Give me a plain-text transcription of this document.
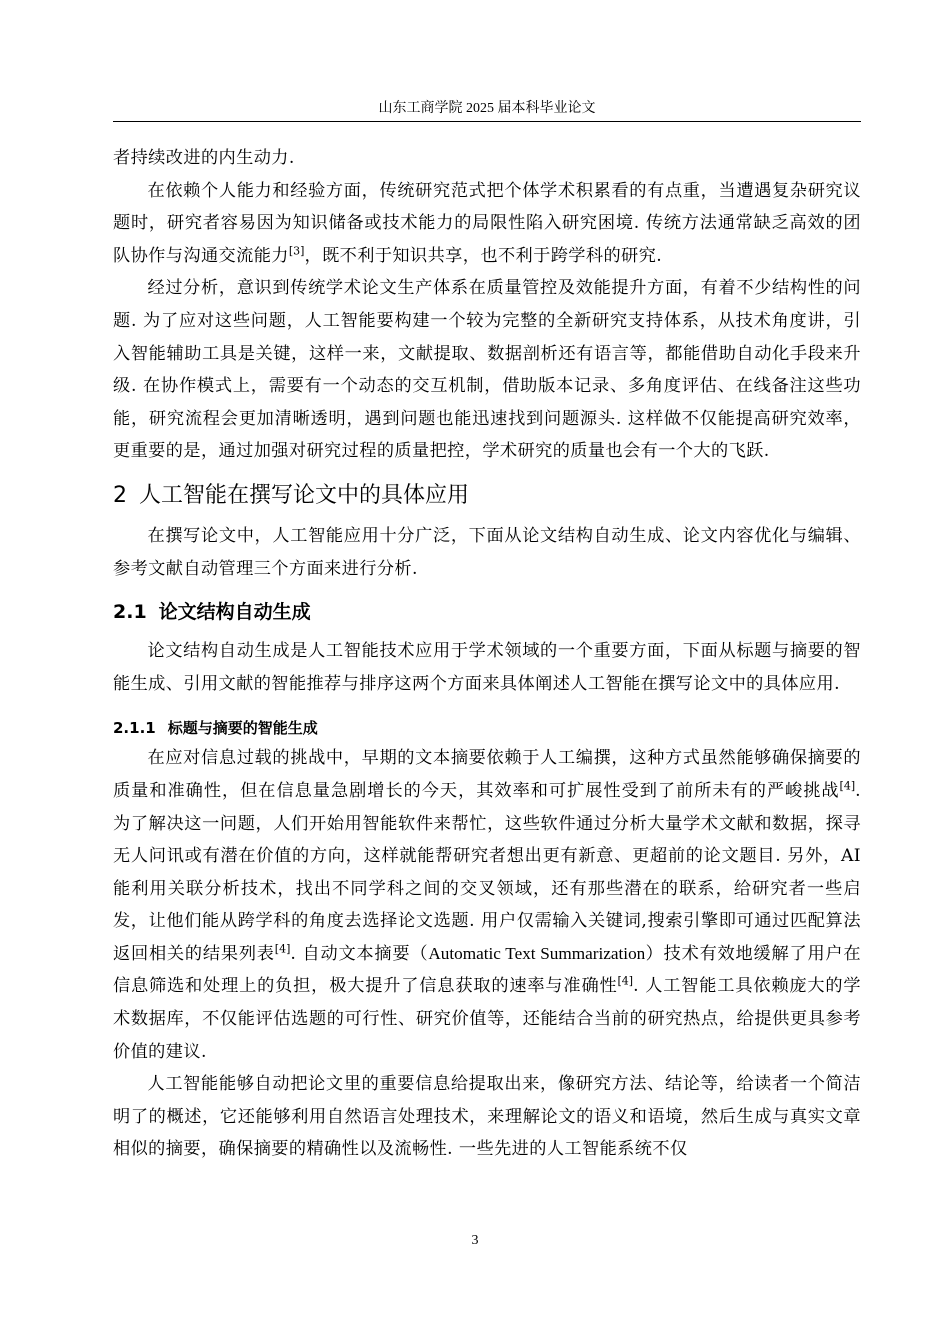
山东工商学院 2025 届本科毕业论文

者持续改进的内生动力.

在依赖个人能力和经验方面，传统研究范式把个体学术积累看的有点重，当遭遇复杂研究议题时，研究者容易因为知识储备或技术能力的局限性陷入研究困境. 传统方法通常缺乏高效的团队协作与沟通交流能力[3]，既不利于知识共享，也不利于跨学科的研究.

经过分析，意识到传统学术论文生产体系在质量管控及效能提升方面，有着不少结构性的问题. 为了应对这些问题，人工智能要构建一个较为完整的全新研究支持体系，从技术角度讲，引入智能辅助工具是关键，这样一来，文献提取、数据剖析还有语言等，都能借助自动化手段来升级. 在协作模式上，需要有一个动态的交互机制，借助版本记录、多角度评估、在线备注这些功能，研究流程会更加清晰透明，遇到问题也能迅速找到问题源头. 这样做不仅能提高研究效率，更重要的是，通过加强对研究过程的质量把控，学术研究的质量也会有一个大的飞跃.

2 人工智能在撰写论文中的具体应用

在撰写论文中，人工智能应用十分广泛，下面从论文结构自动生成、论文内容优化与编辑、参考文献自动管理三个方面来进行分析.

2.1 论文结构自动生成

论文结构自动生成是人工智能技术应用于学术领域的一个重要方面，下面从标题与摘要的智能生成、引用文献的智能推荐与排序这两个方面来具体阐述人工智能在撰写论文中的具体应用.

2.1.1 标题与摘要的智能生成

在应对信息过载的挑战中，早期的文本摘要依赖于人工编撰，这种方式虽然能够确保摘要的质量和准确性，但在信息量急剧增长的今天，其效率和可扩展性受到了前所未有的严峻挑战[4]. 为了解决这一问题，人们开始用智能软件来帮忙，这些软件通过分析大量学术文献和数据，探寻无人问讯或有潜在价值的方向，这样就能帮研究者想出更有新意、更超前的论文题目. 另外，AI 能利用关联分析技术，找出不同学科之间的交叉领域，还有那些潜在的联系，给研究者一些启发，让他们能从跨学科的角度去选择论文选题. 用户仅需输入关键词,搜索引擎即可通过匹配算法返回相关的结果列表[4]. 自动文本摘要（Automatic Text Summarization）技术有效地缓解了用户在信息筛选和处理上的负担，极大提升了信息获取的速率与准确性[4]. 人工智能工具依赖庞大的学术数据库，不仅能评估选题的可行性、研究价值等，还能结合当前的研究热点，给提供更具参考价值的建议.

人工智能能够自动把论文里的重要信息给提取出来，像研究方法、结论等，给读者一个简洁明了的概述，它还能够利用自然语言处理技术，来理解论文的语义和语境，然后生成与真实文章相似的摘要，确保摘要的精确性以及流畅性. 一些先进的人工智能系统不仅

3
